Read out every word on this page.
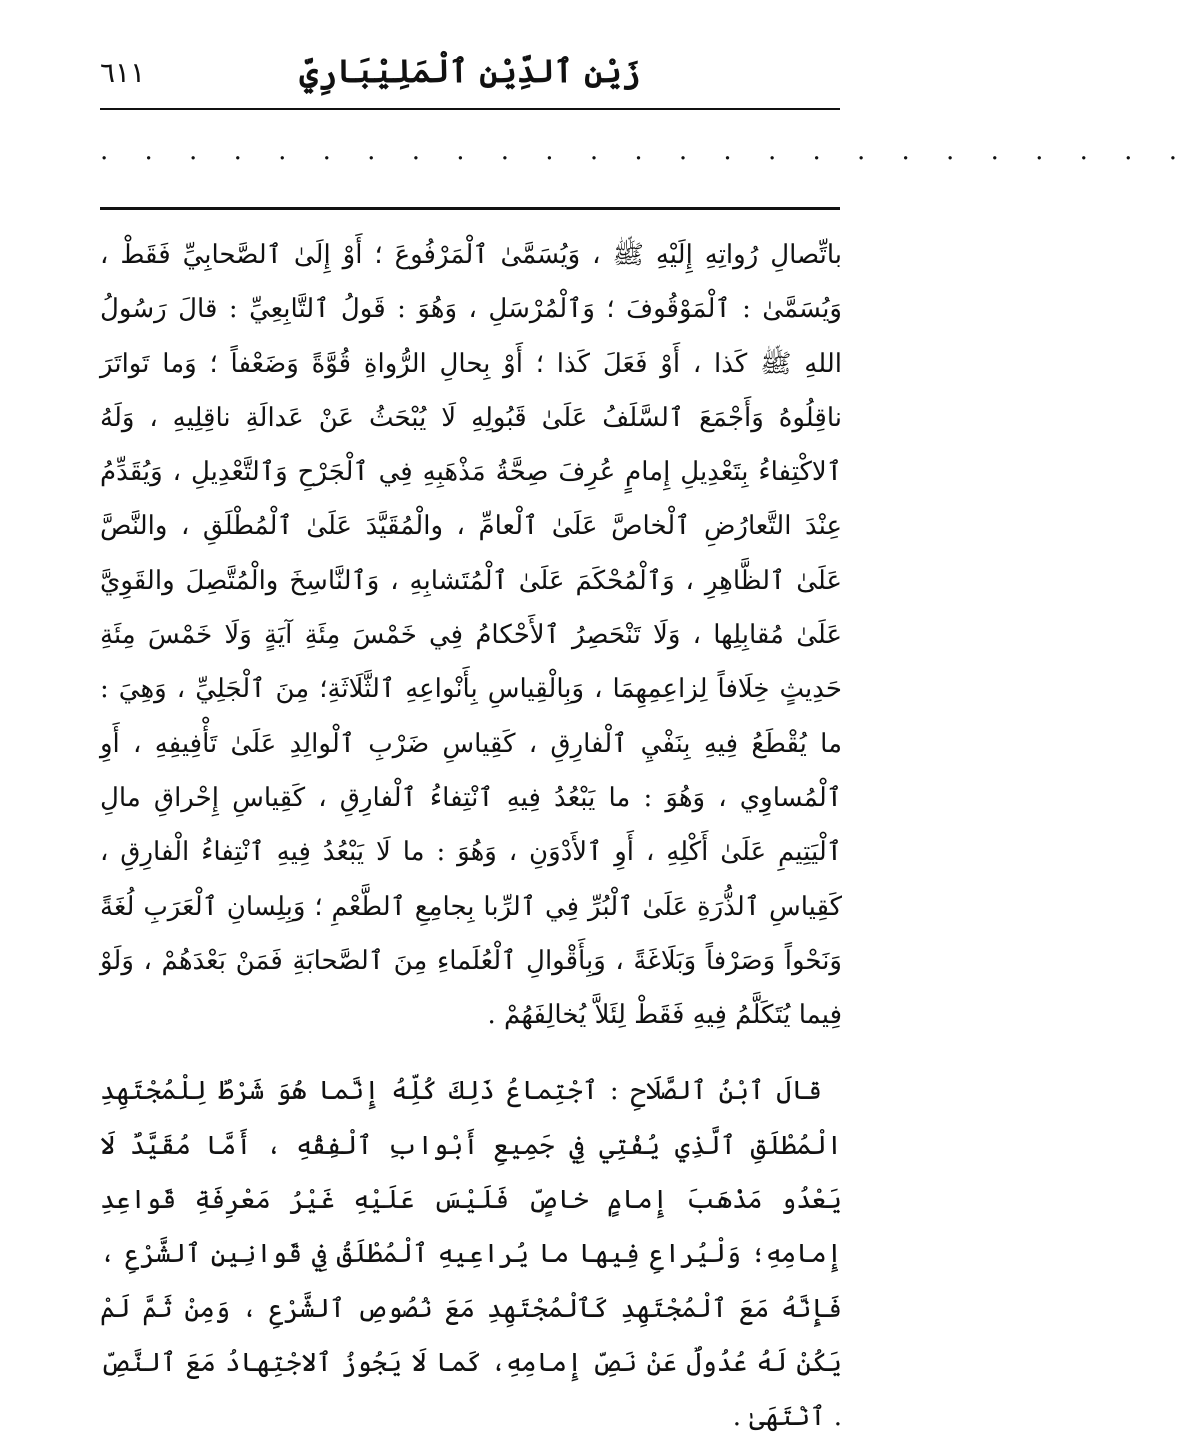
٦١١	زَيْن ٱلدِّيْن ٱلْمَلِيْبَارِيِّ
. . . . . . . . . . . . . . . . . . . . . . . . .

باتِّصالِ رُواتِهِ إِلَيْهِ ﷺ ، وَيُسَمَّىٰ ٱلْمَرْفُوعَ ؛ أَوْ إِلَىٰ ٱلصَّحابِيِّ فَقَطْ ، وَيُسَمَّىٰ : ٱلْمَوْقُوفَ ؛ وَٱلْمُرْسَلِ ، وَهُوَ : قَولُ ٱلتَّابِعِيِّ : قالَ رَسُولُ اللهِ ﷺ كَذا ، أَوْ فَعَلَ كَذا ؛ أَوْ بِحالِ الرُّواةِ قُوَّةً وَضَعْفاً ؛ وَما تَواتَرَ ناقِلُوهُ وَأَجْمَعَ ٱلسَّلَفُ عَلَىٰ قَبُولِهِ لَا يُبْحَثُ عَنْ عَدالَةِ ناقِلِيهِ ، وَلَهُ ٱلاكْتِفاءُ بِتَعْدِيلِ إِمامٍ عُرِفَ صِحَّةُ مَذْهَبِهِ فِي ٱلْجَرْحِ وَٱلتَّعْدِيلِ ، وَيُقَدِّمُ عِنْدَ التَّعارُضِ ٱلْخاصَّ عَلَىٰ ٱلْعامِّ ، والْمُقَيَّدَ عَلَىٰ ٱلْمُطْلَقِ ، والنَّصَّ عَلَىٰ ٱلظَّاهِرِ ، وَٱلْمُحْكَمَ عَلَىٰ ٱلْمُتَشابِهِ ، وَٱلنَّاسِخَ والْمُتَّصِلَ والقَوِيَّ عَلَىٰ مُقابِلِها ، وَلَا تَنْحَصِرُ ٱلأَحْكامُ فِي خَمْسَ مِئَةِ آيَةٍ وَلَا خَمْسَ مِئَةِ حَدِيثٍ خِلَافاً لِزاعِمِهِمَا ، وَبِالْقِياسِ بِأَنْواعِهِ ٱلثَّلَاثَةِ؛ مِنَ ٱلْجَلِيِّ ، وَهِيَ : ما يُقْطَعُ فِيهِ بِنَفْيِ ٱلْفارِقِ ، كَقِياسِ ضَرْبِ ٱلْوالِدِ عَلَىٰ تَأْفِيفِهِ ، أَوِ ٱلْمُساوِي ، وَهُوَ : ما يَبْعُدُ فِيهِ ٱنْتِفاءُ ٱلْفارِقِ ، كَقِياسِ إِحْراقِ مالِ ٱلْيَتِيمِ عَلَىٰ أَكْلِهِ ، أَوِ ٱلأَدْوَنِ ، وَهُوَ : ما لَا يَبْعُدُ فِيهِ ٱنْتِفاءُ الْفارِقِ ، كَقِياسِ ٱلذُّرَةِ عَلَىٰ ٱلْبُرِّ فِي ٱلرِّبا بِجامِعِ ٱلطَّعْمِ ؛ وَبِلِسانِ ٱلْعَرَبِ لُغَةً وَنَحْواً وَصَرْفاً وَبَلَاغَةً ، وَبِأَقْوالِ ٱلْعُلَماءِ مِنَ ٱلصَّحابَةِ فَمَنْ بَعْدَهُمْ ، وَلَوْ فِيما يُتَكَلَّمُ فِيهِ فَقَطْ لِئَلاَّ يُخالِفَهُمْ .

قالَ ٱبْنُ ٱلصَّلَاحِ : ٱجْتِماعُ ذَلِكَ كُلِّهُ إِنَّما هُوَ شَرْطٌ لِلْمُجْتَهِدِ الْمُطْلَقِ ٱلَّذِي يُفْتِي فِي جَمِيعِ أَبْوابِ ٱلْفِقْهِ ، أَمَّا مُقَيَّدٌ لَا يَعْدُو مَذْهَبَ إِمامٍ خاصٍّ فَلَيْسَ عَلَيْهِ غَيْرُ مَعْرِفَةِ قَواعِدِ إِمامِهِ؛ وَلْيُراعِ فِيها ما يُراعِيهِ ٱلْمُطْلَقُ فِي قَوانِينِ ٱلشَّرْعِ ، فَإِنَّهُ مَعَ ٱلْمُجْتَهِدِ كَٱلْمُجْتَهِدِ مَعَ نُصُوصِ ٱلشَّرْعِ ، وَمِنْ ثَمَّ لَمْ يَكُنْ لَهُ عُدُولٌ عَنْ نَصِّ إِمامِهِ، كَما لَا يَجُوزُ ٱلاجْتِهادُ مَعَ ٱلنَّصِّ . ٱنْتَهَىٰ .
